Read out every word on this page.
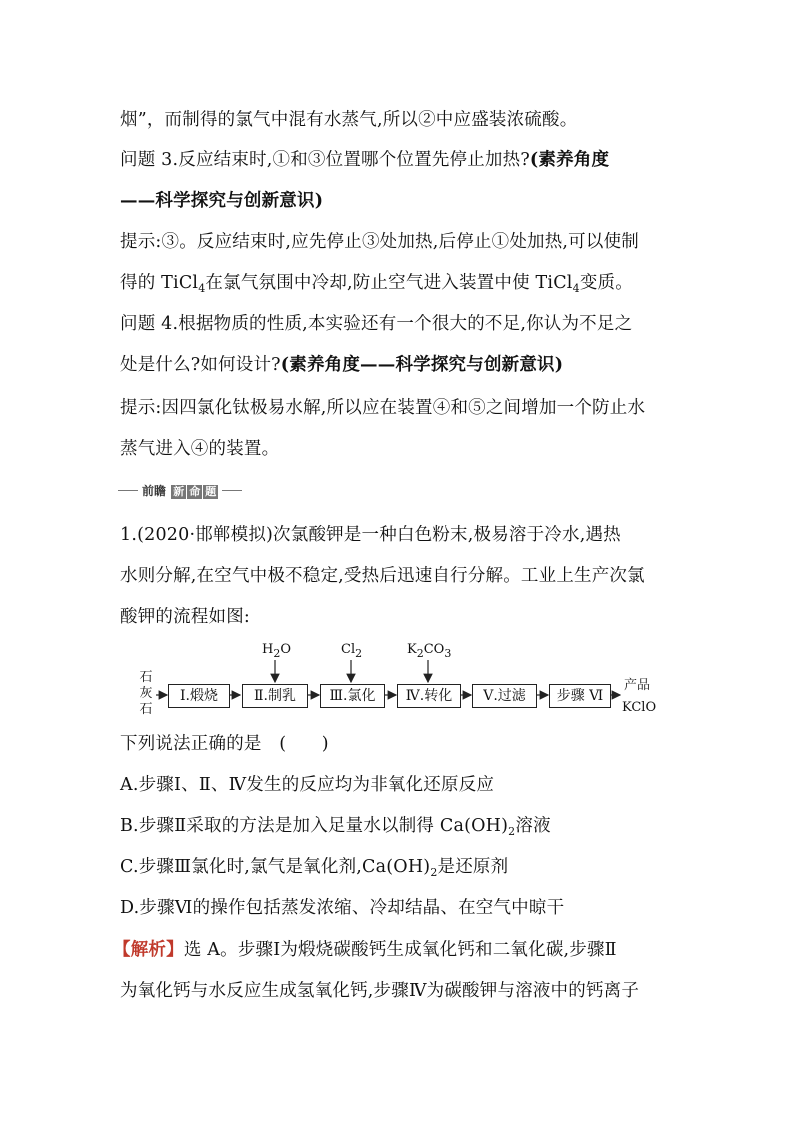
烟”，而制得的氯气中混有水蒸气,所以②中应盛装浓硫酸。
问题 3.反应结束时,①和③位置哪个位置先停止加热?(素养角度
——科学探究与创新意识)
提示:③。反应结束时,应先停止③处加热,后停止①处加热,可以使制
得的 TiCl$_4$在氯气氛围中冷却,防止空气进入装置中使 TiCl$_4$变质。
问题 4.根据物质的性质,本实验还有一个很大的不足,你认为不足之
处是什么?如何设计?(素养角度——科学探究与创新意识)
提示:因四氯化钛极易水解,所以应在装置④和⑤之间增加一个防止水
蒸气进入④的装置。
前瞻 新 命 题
1.(2020·邯郸模拟)次氯酸钾是一种白色粉末,极易溶于冷水,遇热
水则分解,在空气中极不稳定,受热后迅速自行分解。工业上生产次氯
酸钾的流程如图:
石
灰
石
Ⅰ.煅烧	Ⅱ.制乳	Ⅲ.氯化	Ⅳ.转化	Ⅴ.过滤	步骤 Ⅵ
$H_2O$	$Cl_2$	$K_2CO_3$
产品
KClO
下列说法正确的是　(　　)
A.步骤Ⅰ、Ⅱ、Ⅳ发生的反应均为非氧化还原反应
B.步骤Ⅱ采取的方法是加入足量水以制得 $Ca(OH)_2$溶液
C.步骤Ⅲ氯化时,氯气是氧化剂$,Ca(OH)_2$是还原剂
D.步骤Ⅵ的操作包括蒸发浓缩、冷却结晶、在空气中晾干
【解析】选 A。步骤Ⅰ为煅烧碳酸钙生成氧化钙和二氧化碳,步骤Ⅱ
为氧化钙与水反应生成氢氧化钙,步骤Ⅳ为碳酸钾与溶液中的钙离子
